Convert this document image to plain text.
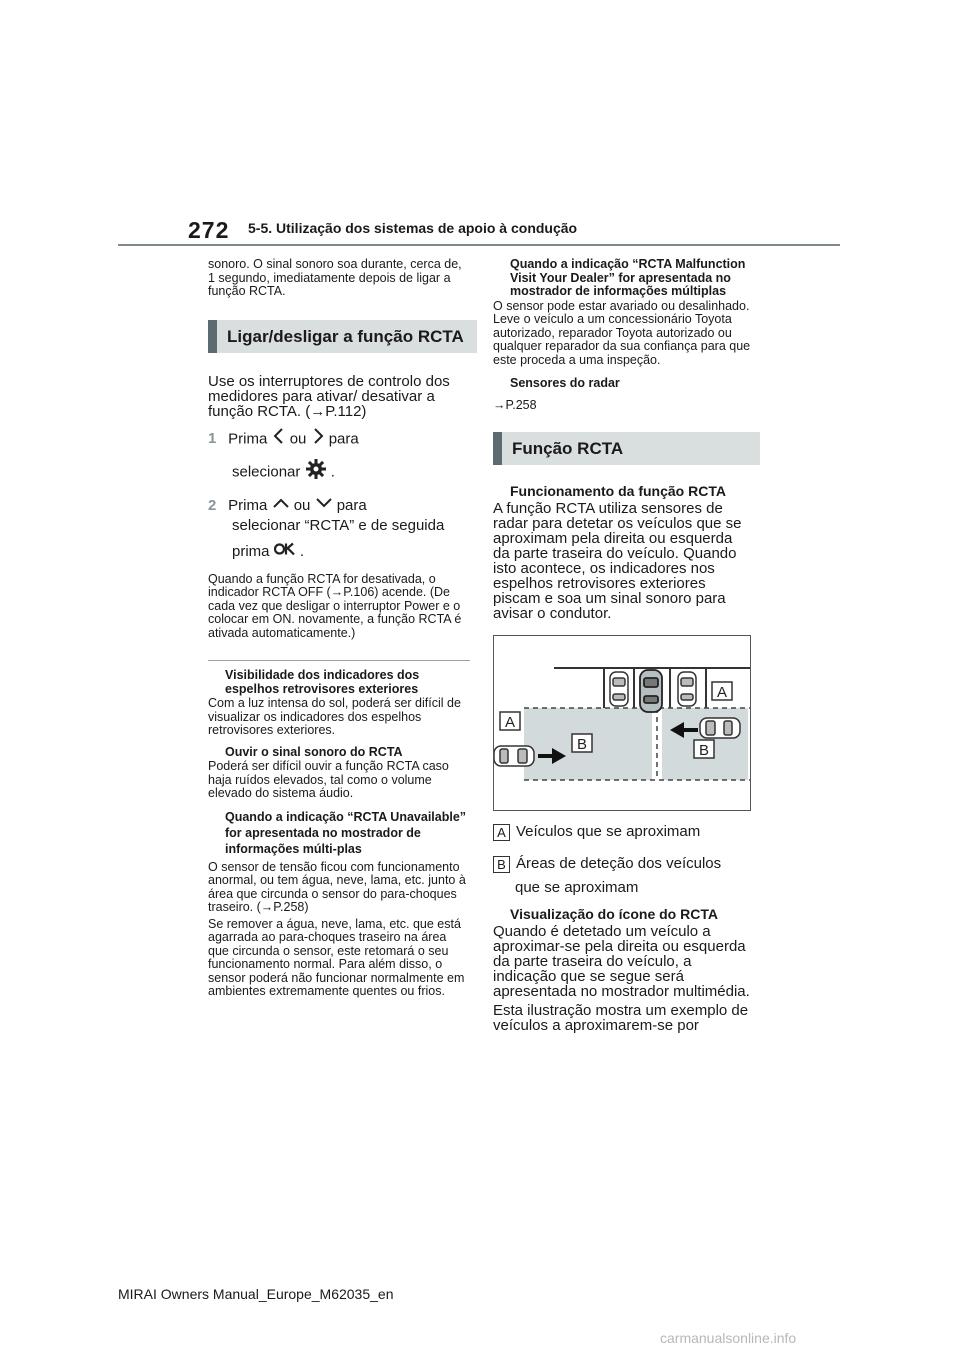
272 5-5. Utilização dos sistemas de apoio à condução

sonoro. O sinal sonoro soa durante, cerca de, 1 segundo, imediatamente depois de ligar a função RCTA.

Ligar/desligar a função RCTA

Use os interruptores de controlo dos medidores para ativar/ desativar a função RCTA. (→P.112)

1 Prima ou para

selecionar .

2 Prima ou para

selecionar “RCTA” e de seguida

prima .

Quando a função RCTA for desativada, o indicador RCTA OFF (→P.106) acende. (De cada vez que desligar o interruptor Power e o colocar em ON. novamente, a função RCTA é ativada automaticamente.)

Visibilidade dos indicadores dos espelhos retrovisores exteriores

Com a luz intensa do sol, poderá ser difícil de visualizar os indicadores dos espelhos retrovisores exteriores.

Ouvir o sinal sonoro do RCTA

Poderá ser difícil ouvir a função RCTA caso haja ruídos elevados, tal como o volume elevado do sistema áudio.

Quando a indicação “RCTA Unavailable” for apresentada no mostrador de informações múlti-plas

O sensor de tensão ficou com funcionamento anormal, ou tem água, neve, lama, etc. junto à área que circunda o sensor do para-choques traseiro. (→P.258)

Se remover a água, neve, lama, etc. que está agarrada ao para-choques traseiro na área que circunda o sensor, este retomará o seu funcionamento normal. Para além disso, o sensor poderá não funcionar normalmente em ambientes extremamente quentes ou frios.

Quando a indicação “RCTA Malfunction Visit Your Dealer” for apresentada no mostrador de informações múltiplas

O sensor pode estar avariado ou desalinhado. Leve o veículo a um concessionário Toyota autorizado, reparador Toyota autorizado ou qualquer reparador da sua confiança para que este proceda a uma inspeção.

Sensores do radar

→P.258

Função RCTA

Funcionamento da função RCTA

A função RCTA utiliza sensores de radar para detetar os veículos que se aproximam pela direita ou esquerda da parte traseira do veículo. Quando isto acontece, os indicadores nos espelhos retrovisores exteriores piscam e soa um sinal sonoro para avisar o condutor.

A
B
A
B

A Veículos que se aproximam

B Áreas de deteção dos veículos

que se aproximam

Visualização do ícone do RCTA

Quando é detetado um veículo a aproximar-se pela direita ou esquerda da parte traseira do veículo, a indicação que se segue será apresentada no mostrador multimédia.

Esta ilustração mostra um exemplo de veículos a aproximarem-se por

MIRAI Owners Manual_Europe_M62035_en
carmanualsonline.info
